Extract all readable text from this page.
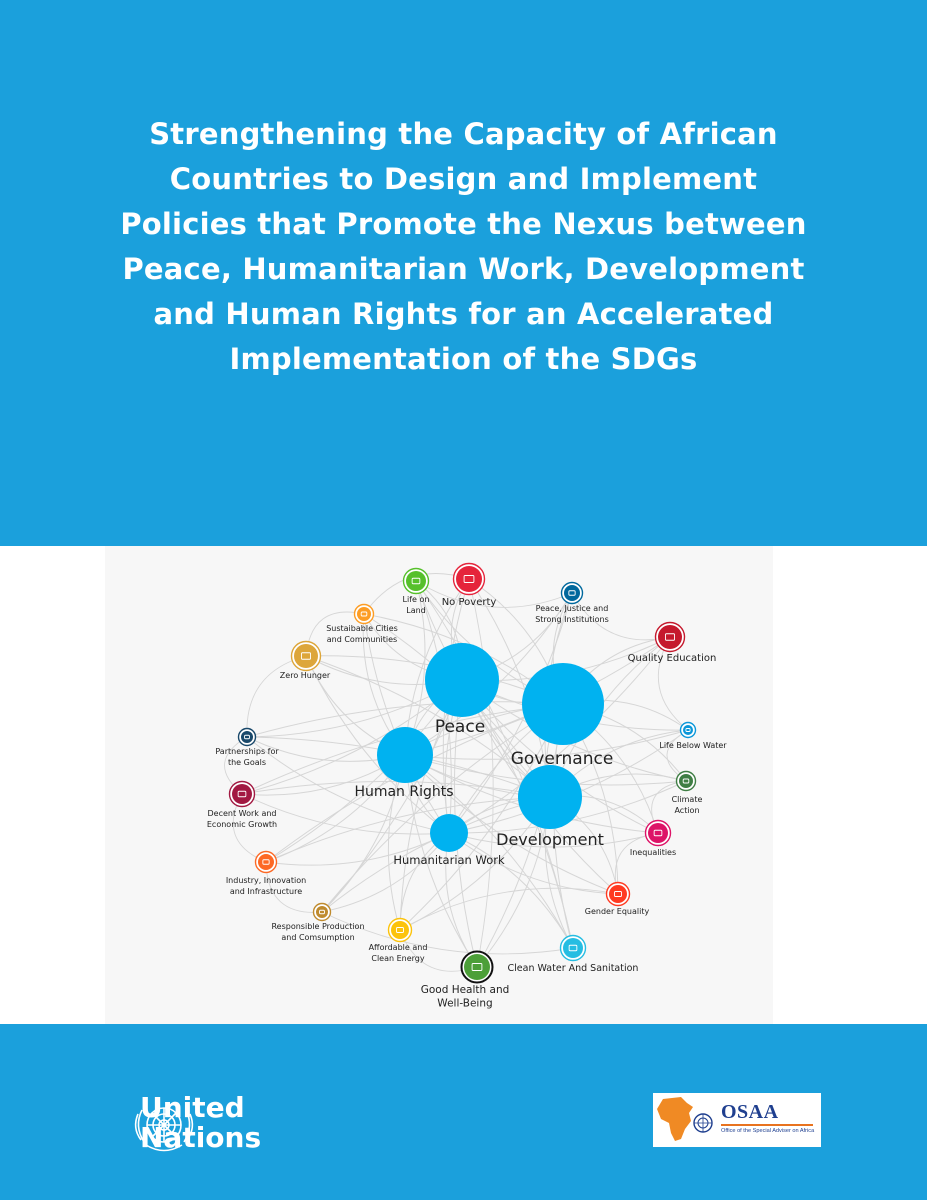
Strengthening the Capacity of African
Countries to Design and Implement
Policies that Promote the Nexus between
Peace, Humanitarian Work, Development
and Human Rights for an Accelerated
Implementation of the SDGs
Peace
Governance
Human Rights
Development
Humanitarian Work
Life on
Land
No Poverty
Peace, Justice and
Strong Institutions
Sustaibable Cities
and Communities
Quality Education
Zero Hunger
Life Below Water
Partnerships for
the Goals
Climate
Action
Decent Work and
Economic Growth
Inequalities
Industry, Innovation
and Infrastructure
Gender Equality
Responsible Production
and Comsumption
Affordable and
Clean Energy
Clean Water And Sanitation
Good Health and
Well-Being
United
Nations
OSAA
Office of the Special Adviser on Africa
